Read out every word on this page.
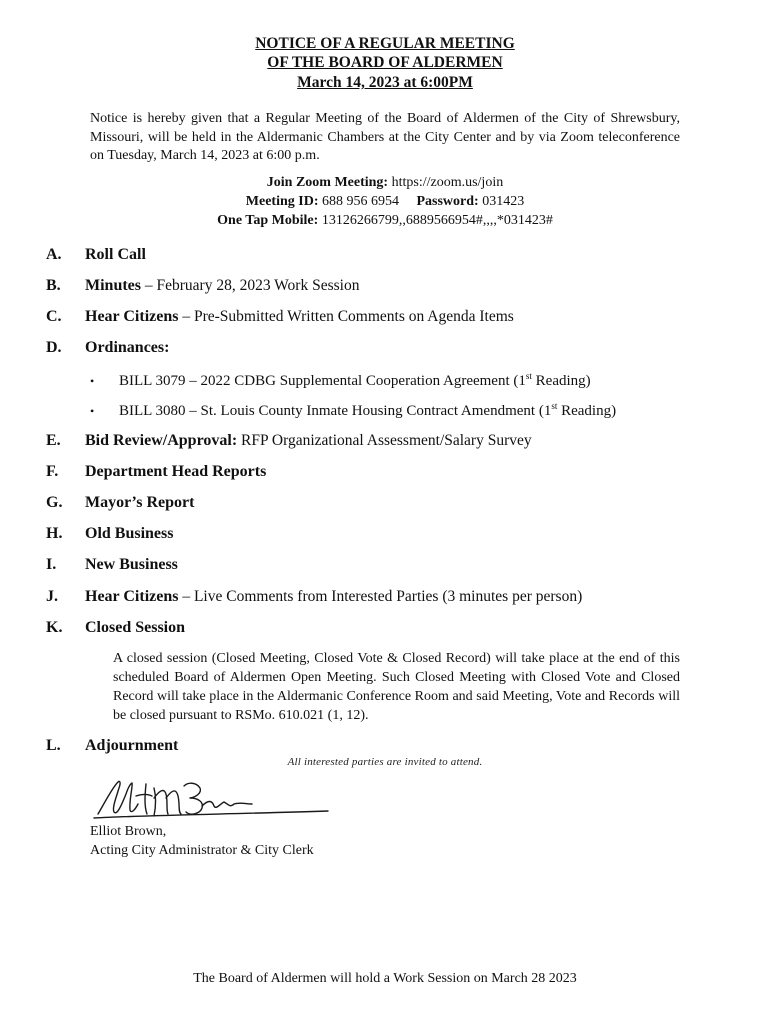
NOTICE OF A REGULAR MEETING
OF THE BOARD OF ALDERMEN
March 14, 2023 at 6:00PM
Notice is hereby given that a Regular Meeting of the Board of Aldermen of the City of Shrewsbury, Missouri, will be held in the Aldermanic Chambers at the City Center and by via Zoom teleconference on Tuesday, March 14, 2023 at 6:00 p.m.
Join Zoom Meeting: https://zoom.us/join
Meeting ID: 688 956 6954 Password: 031423
One Tap Mobile: 13126266799,,6889566954#,,,,*031423#
A. Roll Call
B. Minutes – February 28, 2023 Work Session
C. Hear Citizens – Pre-Submitted Written Comments on Agenda Items
D. Ordinances:
• BILL 3079 – 2022 CDBG Supplemental Cooperation Agreement (1st Reading)
• BILL 3080 – St. Louis County Inmate Housing Contract Amendment (1st Reading)
E. Bid Review/Approval: RFP Organizational Assessment/Salary Survey
F. Department Head Reports
G. Mayor’s Report
H. Old Business
I. New Business
J. Hear Citizens – Live Comments from Interested Parties (3 minutes per person)
K. Closed Session
A closed session (Closed Meeting, Closed Vote & Closed Record) will take place at the end of this scheduled Board of Aldermen Open Meeting. Such Closed Meeting with Closed Vote and Closed Record will take place in the Aldermanic Conference Room and said Meeting, Vote and Records will be closed pursuant to RSMo. 610.021 (1, 12).
L. Adjournment
All interested parties are invited to attend.
Elliot Brown,
Acting City Administrator & City Clerk
The Board of Aldermen will hold a Work Session on March 28 2023
